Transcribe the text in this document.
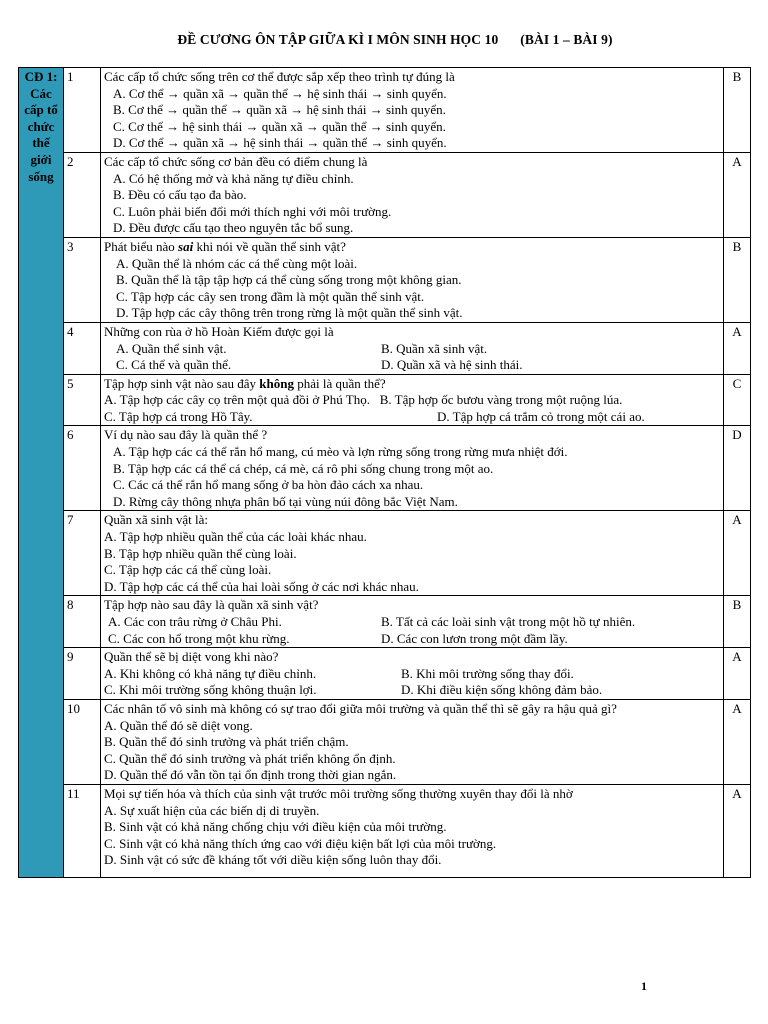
ĐỀ CƯƠNG ÔN TẬP GIỮA KÌ I MÔN SINH HỌC 10 (BÀI 1 – BÀI 9)
CĐ 1: Các cấp tổ chức thế giới sống	1	Các cấp tổ chức sống trên cơ thể được sắp xếp theo trình tự đúng là
A. Cơ thể → quần xã → quần thể → hệ sinh thái → sinh quyển.
B. Cơ thể → quần thể → quần xã → hệ sinh thái → sinh quyển.
C. Cơ thể → hệ sinh thái → quần xã → quần thể → sinh quyển.
D. Cơ thể → quần xã → hệ sinh thái → quần thể → sinh quyển.	B
	2	Các cấp tổ chức sống cơ bản đều có điểm chung là
A. Có hệ thống mở và khả năng tự điều chỉnh.
B. Đều có cấu tạo đa bào.
C. Luôn phải biến đổi mới thích nghi với môi trường.
D. Đều được cấu tạo theo nguyên tắc bổ sung.	A
	3	Phát biểu nào sai khi nói về quần thể sinh vật?
A. Quần thể là nhóm các cá thể cùng một loài.
B. Quần thể là tập tập hợp cá thể cùng sống trong một không gian.
C. Tập hợp các cây sen trong đầm là một quần thể sinh vật.
D. Tập hợp các cây thông trên trong rừng là một quần thể sinh vật.	B
	4	Những con rùa ở hồ Hoàn Kiếm được gọi là
A. Quần thể sinh vật. B. Quần xã sinh vật.
C. Cá thể và quần thể. D. Quần xã và hệ sinh thái.	A
	5	Tập hợp sinh vật nào sau đây không phải là quần thể?
A. Tập hợp các cây cọ trên một quả đồi ở Phú Thọ. B. Tập hợp ốc bươu vàng trong một ruộng lúa.
C. Tập hợp cá trong Hồ Tây. D. Tập hợp cá trắm cỏ trong một cái ao.	C
	6	Ví dụ nào sau đây là quần thể ?
A. Tập hợp các cá thể rắn hổ mang, cú mèo và lợn rừng sống trong rừng mưa nhiệt đới.
B. Tập hợp các cá thể cá chép, cá mè, cá rô phi sống chung trong một ao.
C. Các cá thể rắn hổ mang sống ở ba hòn đảo cách xa nhau.
D. Rừng cây thông nhựa phân bố tại vùng núi đông bắc Việt Nam.	D
	7	Quần xã sinh vật là:
A. Tập hợp nhiều quần thể của các loài khác nhau.
B. Tập hợp nhiều quần thể cùng loài.
C. Tập hợp các cá thể cùng loài.
D. Tập hợp các cá thể của hai loài sống ở các nơi khác nhau.	A
	8	Tập hợp nào sau đây là quần xã sinh vật?
A. Các con trâu rừng ở Châu Phi. B. Tất cả các loài sinh vật trong một hồ tự nhiên.
C. Các con hổ trong một khu rừng. D. Các con lươn trong một đầm lầy.	B
	9	Quần thể sẽ bị diệt vong khi nào?
A. Khi không có khả năng tự điều chỉnh. B. Khi môi trường sống thay đổi.
C. Khi môi trường sống không thuận lợi. D. Khi điều kiện sống không đảm bảo.	A
	10	Các nhân tố vô sinh mà không có sự trao đổi giữa môi trường và quần thể thì sẽ gây ra hậu quả gì?
A. Quần thể đó sẽ diệt vong.
B. Quần thể đó sinh trưởng và phát triển chậm.
C. Quần thể đó sinh trưởng và phát triển không ổn định.
D. Quần thể đó vẫn tồn tại ổn định trong thời gian ngắn.	A
	11	Mọi sự tiến hóa và thích của sinh vật trước môi trường sống thường xuyên thay đổi là nhờ
A. Sự xuất hiện của các biến dị di truyền.
B. Sinh vật có khả năng chống chịu với điều kiện của môi trường.
C. Sinh vật có khả năng thích ứng cao với điệu kiện bất lợi của môi trường.
D. Sinh vật có sức đề kháng tốt với diều kiện sống luôn thay đổi.	A
1
